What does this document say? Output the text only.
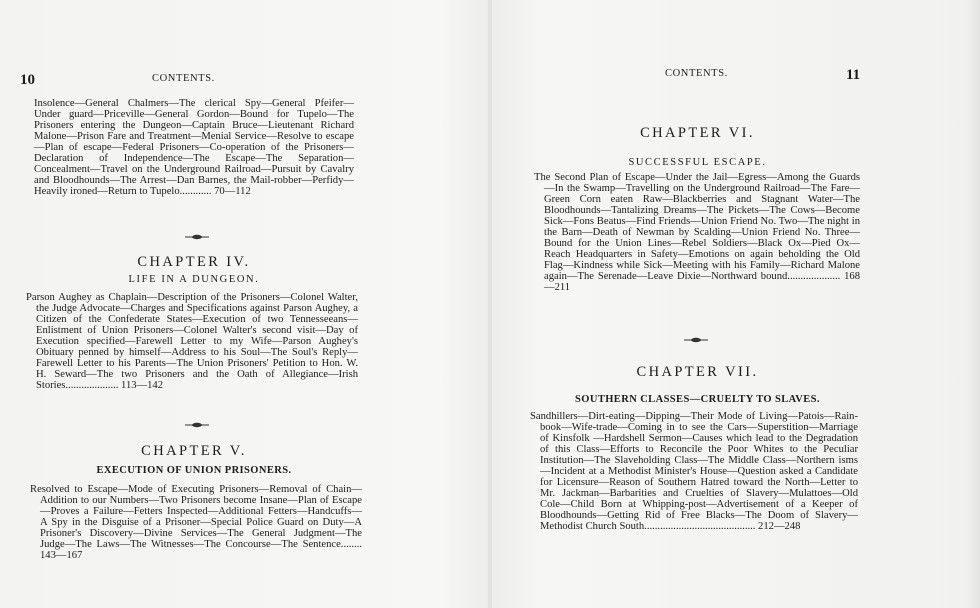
10	CONTENTS.
Insolence—General Chalmers—The clerical Spy—General Pfeifer—Under guard—Priceville—General Gordon—Bound for Tupelo—The Prisoners entering the Dungeon—Captain Bruce—Lieutenant Richard Malone—Prison Fare and Treatment—Menial Service—Resolve to escape—Plan of escape—Federal Prisoners—Co-operation of the Prisoners—Declaration of Independence—The Escape—The Separation—Concealment—Travel on the Underground Railroad—Pursuit by Cavalry and Bloodhounds—The Arrest—Dan Barnes, the Mail-robber—Perfidy—Heavily ironed—Return to Tupelo............ 70—112
CHAPTER IV.
LIFE IN A DUNGEON.
Parson Aughey as Chaplain—Description of the Prisoners—Colonel Walter, the Judge Advocate—Charges and Specifications against Parson Aughey, a Citizen of the Confederate States—Execution of two Tennesseeans—Enlistment of Union Prisoners—Colonel Walter's second visit—Day of Execution specified—Farewell Letter to my Wife—Parson Aughey's Obituary penned by himself—Address to his Soul—The Soul's Reply—Farewell Letter to his Parents—The Union Prisoners' Petition to Hon. W. H. Seward—The two Prisoners and the Oath of Allegiance—Irish Stories.................... 113—142
CHAPTER V.
EXECUTION OF UNION PRISONERS.
Resolved to Escape—Mode of Executing Prisoners—Removal of Chain—Addition to our Numbers—Two Prisoners become Insane—Plan of Escape—Proves a Failure—Fetters Inspected—Additional Fetters—Handcuffs—A Spy in the Disguise of a Prisoner—Special Police Guard on Duty—A Prisoner's Discovery—Divine Services—The General Judgment—The Judge—The Laws—The Witnesses—The Concourse—The Sentence........ 143—167
CONTENTS.	11
CHAPTER VI.
SUCCESSFUL ESCAPE.
The Second Plan of Escape—Under the Jail—Egress—Among the Guards—In the Swamp—Travelling on the Underground Railroad—The Fare—Green Corn eaten Raw—Blackberries and Stagnant Water—The Bloodhounds—Tantalizing Dreams—The Pickets—The Cows—Become Sick—Fons Beatus—Find Friends—Union Friend No. Two—The night in the Barn—Death of Newman by Scalding—Union Friend No. Three—Bound for the Union Lines—Rebel Soldiers—Black Ox—Pied Ox—Reach Headquarters in Safety—Emotions on again beholding the Old Flag—Kindness while Sick—Meeting with his Family—Richard Malone again—The Serenade—Leave Dixie—Northward bound.................... 168—211
CHAPTER VII.
SOUTHERN CLASSES—CRUELTY TO SLAVES.
Sandhillers—Dirt-eating—Dipping—Their Mode of Living—Patois—Rain-book—Wife-trade—Coming in to see the Cars—Superstition—Marriage of Kinsfolk —Hardshell Sermon—Causes which lead to the Degradation of this Class—Efforts to Reconcile the Poor Whites to the Peculiar Institution—The Slaveholding Class—The Middle Class—Northern isms—Incident at a Methodist Minister's House—Question asked a Candidate for Licensure—Reason of Southern Hatred toward the North—Letter to Mr. Jackman—Barbarities and Cruelties of Slavery—Mulattoes—Old Cole—Child Born at Whipping-post—Advertisement of a Keeper of Bloodhounds—Getting Rid of Free Blacks—The Doom of Slavery—Methodist Church South.......................................... 212—248
